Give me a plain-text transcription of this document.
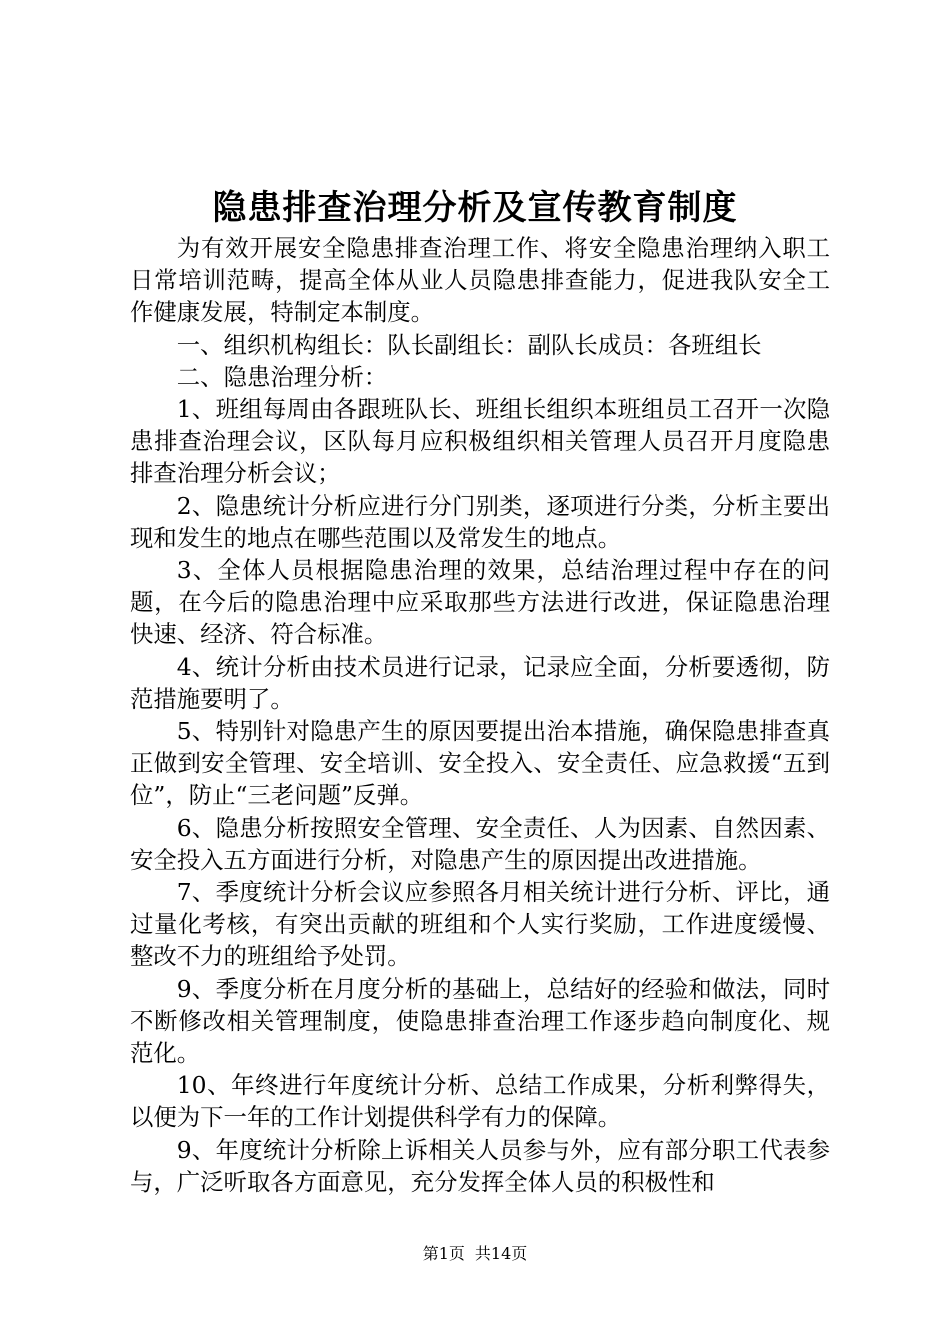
隐患排查治理分析及宣传教育制度

为有效开展安全隐患排查治理工作、将安全隐患治理纳入职工日常培训范畴，提高全体从业人员隐患排查能力，促进我队安全工作健康发展，特制定本制度。

一、组织机构组长：队长副组长：副队长成员：各班组长

二、隐患治理分析：

1、班组每周由各跟班队长、班组长组织本班组员工召开一次隐患排查治理会议，区队每月应积极组织相关管理人员召开月度隐患排查治理分析会议；

2、隐患统计分析应进行分门别类，逐项进行分类，分析主要出现和发生的地点在哪些范围以及常发生的地点。

3、全体人员根据隐患治理的效果，总结治理过程中存在的问题，在今后的隐患治理中应采取那些方法进行改进，保证隐患治理快速、经济、符合标准。

4、统计分析由技术员进行记录，记录应全面，分析要透彻，防范措施要明了。

5、特别针对隐患产生的原因要提出治本措施，确保隐患排查真正做到安全管理、安全培训、安全投入、安全责任、应急救援“五到位”，防止“三老问题”反弹。

6、隐患分析按照安全管理、安全责任、人为因素、自然因素、安全投入五方面进行分析，对隐患产生的原因提出改进措施。

7、季度统计分析会议应参照各月相关统计进行分析、评比，通过量化考核，有突出贡献的班组和个人实行奖励，工作进度缓慢、整改不力的班组给予处罚。

9、季度分析在月度分析的基础上，总结好的经验和做法，同时不断修改相关管理制度，使隐患排查治理工作逐步趋向制度化、规范化。

10、年终进行年度统计分析、总结工作成果，分析利弊得失，以便为下一年的工作计划提供科学有力的保障。

9、年度统计分析除上诉相关人员参与外，应有部分职工代表参与，广泛听取各方面意见，充分发挥全体人员的积极性和

第1页 共14页
